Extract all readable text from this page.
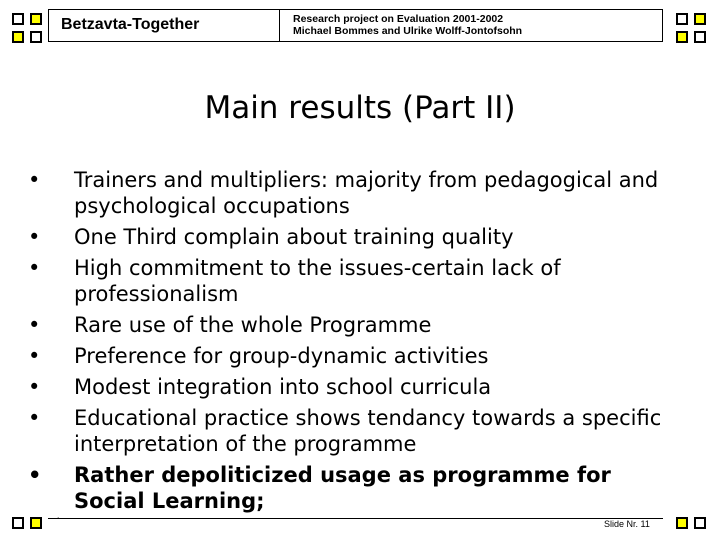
Betzavta-Together	Research project on Evaluation 2001-2002
Michael Bommes and Ulrike Wolff-Jontofsohn
Main results (Part II)
•	Trainers and multipliers: majority from pedagogical and psychological occupations
•	One Third complain about training quality
•	High commitment to the issues-certain lack of professionalism
•	Rare use of the whole Programme
•	Preference for group-dynamic activities
•	Modest integration into school curricula
•	Educational practice shows tendancy towards a specific interpretation of the programme
•	Rather depoliticized usage as programme for Social Learning;
`	Slide Nr. 11
